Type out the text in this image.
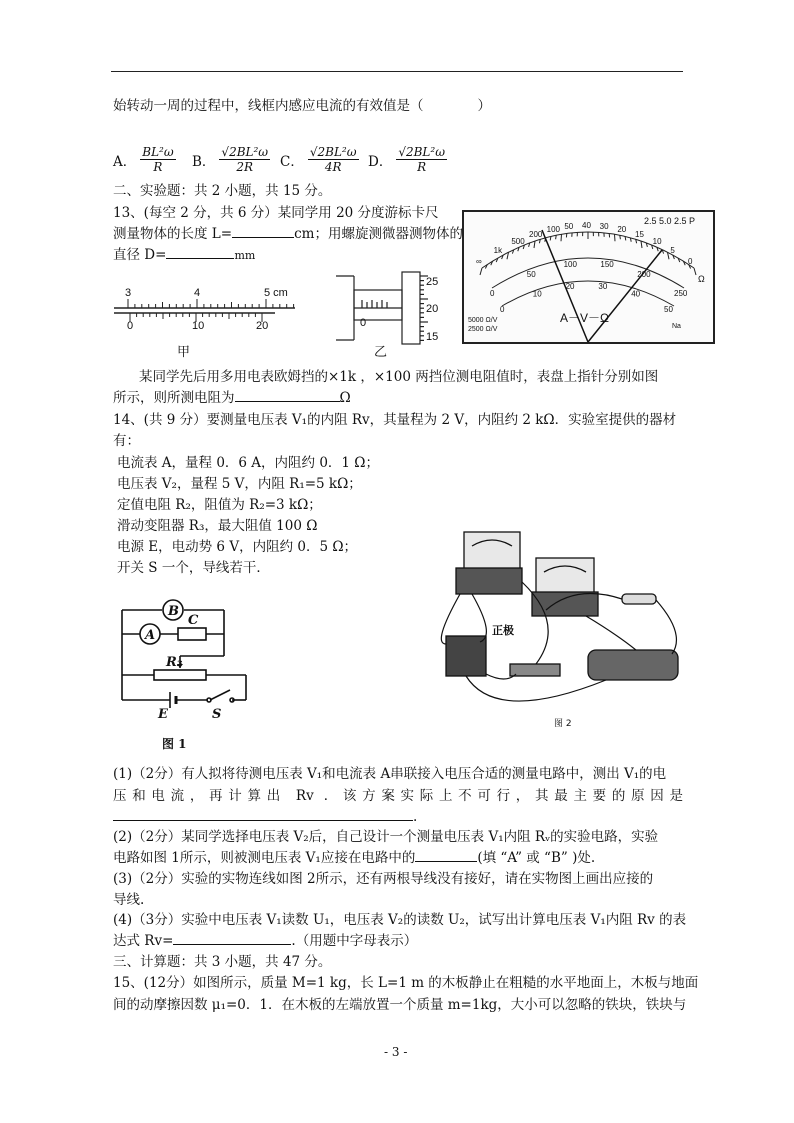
始转动一周的过程中，线框内感应电流的有效值是（　　　　）
A． $\frac{\text{BL²ω}}{R}$ B． $\frac{\text{√2BL²ω}}{2R}$ C． $\frac{\text{√2BL²ω}}{4R}$ D． $\frac{\text{√2BL²ω}}{R}$
二、实验题：共 2 小题，共 15 分。
13、(每空 2 分，共 6 分）某同学用 20 分度游标卡尺
测量物体的长度 L=	cm；用螺旋测微器测物体的
直径 D=	mm
3	4	5 cm
0	10	20
甲
25
20
15
0
乙
∞
1k
500
200
100 50 40 30 20
15
10
5
0
0
50
100	150
200
250
0
10
20	30
40
50
2.5 5.0 2.5 P
A－V－Ω
5000 Ω/V
2500 Ω/V	Na
Ω
某同学先后用多用电表欧姆挡的×1k ，×100 两挡位测电阻值时，表盘上指针分别如图
所示，则所测电阻为	Ω
14、(共 9 分）要测量电压表 V₁的内阻 Rv，其量程为 2 V，内阻约 2 kΩ．实验室提供的器材
有：
电流表 A，量程 0．6 A，内阻约 0．1 Ω；
电压表 V₂，量程 5 V，内阻 R₁=5 kΩ；
定值电阻 R₂，阻值为 R₂=3 kΩ；
滑动变阻器 R₃，最大阻值 100 Ω
电源 E，电动势 6 V，内阻约 0．5 Ω；
开关 S 一个，导线若干．
B
A
C
R₃
E	S
图 1
正极
图 2
(1)（2分）有人拟将待测电压表 V₁和电流表 A串联接入电压合适的测量电路中，测出 V₁的电
压和电流，再计算出 Rv ．该方案实际上不可行，其最主要的原因是
.
(2)（2分）某同学选择电压表 V₂后，自己设计一个测量电压表 V₁内阻 Rᵥ的实验电路，实验
电路如图 1所示，则被测电压表 V₁应接在电路中的	(填 “A” 或 “B” )处.
(3)（2分）实验的实物连线如图 2所示，还有两根导线没有接好，请在实物图上画出应接的
导线.
(4)（3分）实验中电压表 V₁读数 U₁，电压表 V₂的读数 U₂，试写出计算电压表 V₁内阻 Rv 的表
达式 Rv=	.（用题中字母表示）
三、计算题：共 3 小题，共 47 分。
15、(12分）如图所示，质量 M=1 kg，长 L=1 m 的木板静止在粗糙的水平地面上，木板与地面
间的动摩擦因数 μ₁=0．1．在木板的左端放置一个质量 m=1kg，大小可以忽略的铁块，铁块与
- 3 -
